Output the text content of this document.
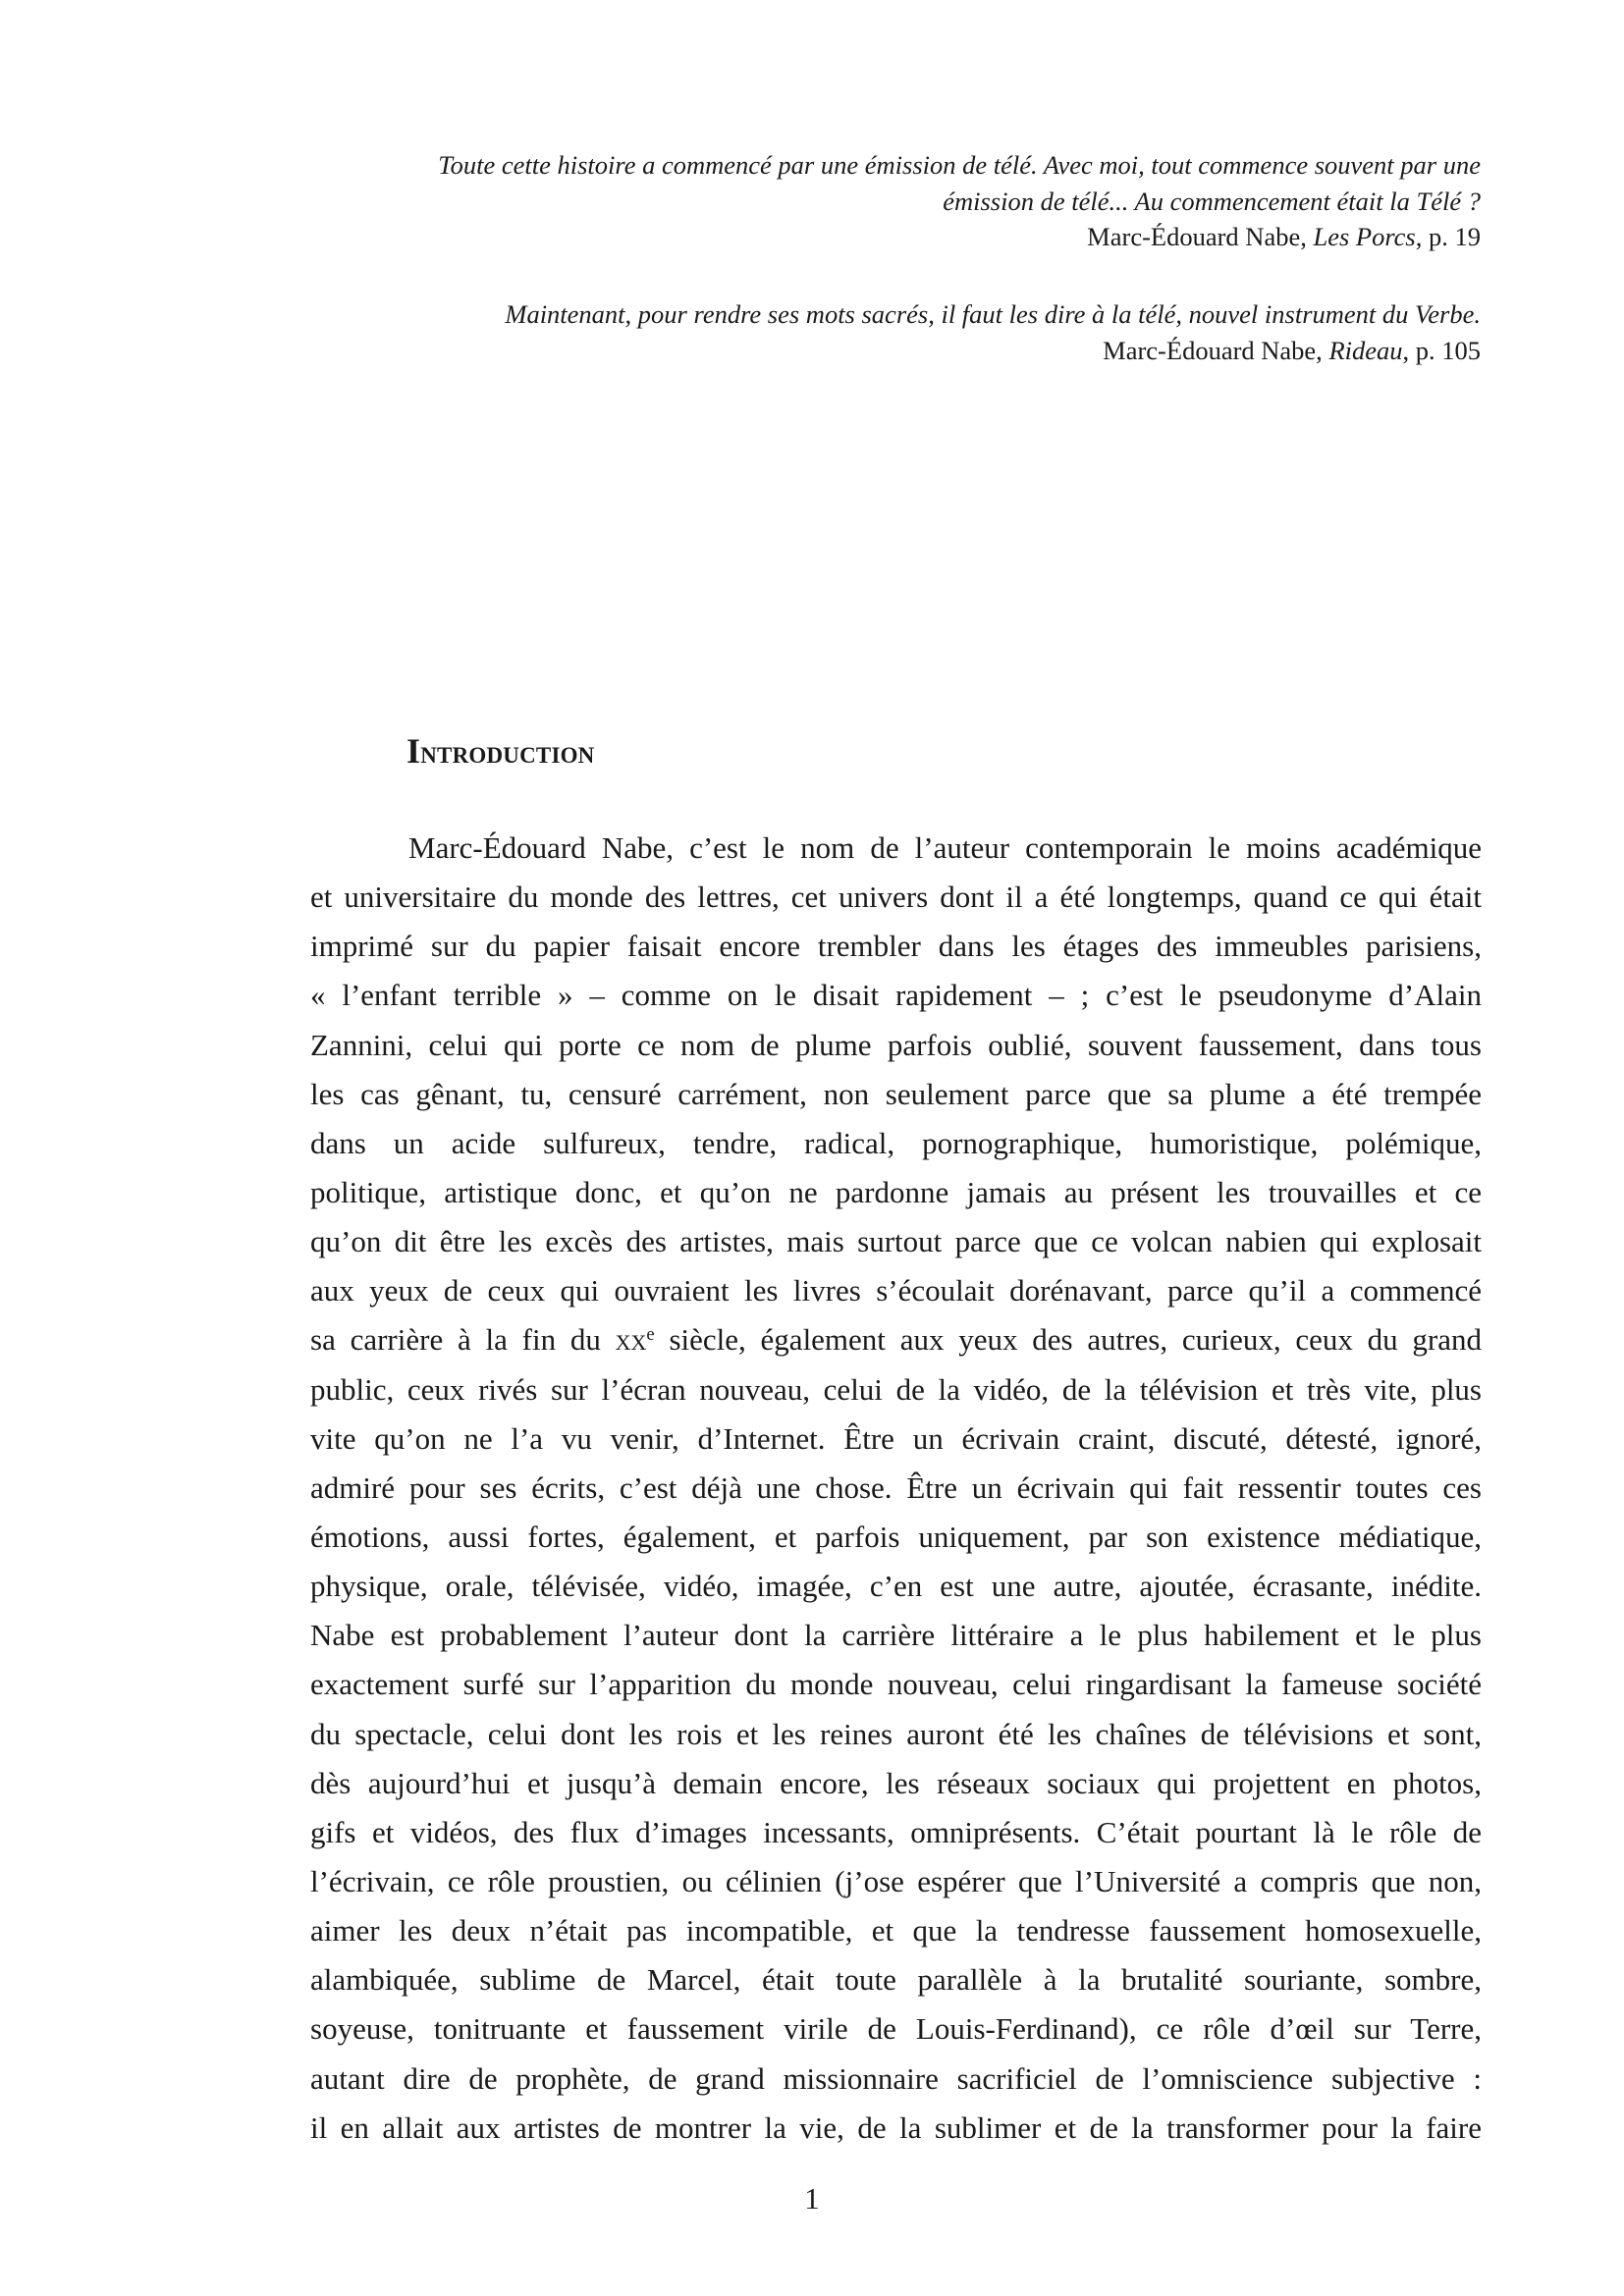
Toute cette histoire a commencé par une émission de télé. Avec moi, tout commence souvent par une
émission de télé... Au commencement était la Télé ?
Marc-Édouard Nabe, Les Porcs, p. 19
Maintenant, pour rendre ses mots sacrés, il faut les dire à la télé, nouvel instrument du Verbe.
Marc-Édouard Nabe, Rideau, p. 105
Introduction
Marc-Édouard Nabe, c’est le nom de l’auteur contemporain le moins académique
et universitaire du monde des lettres, cet univers dont il a été longtemps, quand ce qui était
imprimé sur du papier faisait encore trembler dans les étages des immeubles parisiens,
« l’enfant terrible » – comme on le disait rapidement – ; c’est le pseudonyme d’Alain
Zannini, celui qui porte ce nom de plume parfois oublié, souvent faussement, dans tous
les cas gênant, tu, censuré carrément, non seulement parce que sa plume a été trempée
dans un acide sulfureux, tendre, radical, pornographique, humoristique, polémique,
politique, artistique donc, et qu’on ne pardonne jamais au présent les trouvailles et ce
qu’on dit être les excès des artistes, mais surtout parce que ce volcan nabien qui explosait
aux yeux de ceux qui ouvraient les livres s’écoulait dorénavant, parce qu’il a commencé
sa carrière à la fin du $xx^e$ siècle, également aux yeux des autres, curieux, ceux du grand
public, ceux rivés sur l’écran nouveau, celui de la vidéo, de la télévision et très vite, plus
vite qu’on ne l’a vu venir, d’Internet. Être un écrivain craint, discuté, détesté, ignoré,
admiré pour ses écrits, c’est déjà une chose. Être un écrivain qui fait ressentir toutes ces
émotions, aussi fortes, également, et parfois uniquement, par son existence médiatique,
physique, orale, télévisée, vidéo, imagée, c’en est une autre, ajoutée, écrasante, inédite.
Nabe est probablement l’auteur dont la carrière littéraire a le plus habilement et le plus
exactement surfé sur l’apparition du monde nouveau, celui ringardisant la fameuse société
du spectacle, celui dont les rois et les reines auront été les chaînes de télévisions et sont,
dès aujourd’hui et jusqu’à demain encore, les réseaux sociaux qui projettent en photos,
gifs et vidéos, des flux d’images incessants, omniprésents. C’était pourtant là le rôle de
l’écrivain, ce rôle proustien, ou célinien (j’ose espérer que l’Université a compris que non,
aimer les deux n’était pas incompatible, et que la tendresse faussement homosexuelle,
alambiquée, sublime de Marcel, était toute parallèle à la brutalité souriante, sombre,
soyeuse, tonitruante et faussement virile de Louis-Ferdinand), ce rôle d’œil sur Terre,
autant dire de prophète, de grand missionnaire sacrificiel de l’omniscience subjective :
il en allait aux artistes de montrer la vie, de la sublimer et de la transformer pour la faire
1
